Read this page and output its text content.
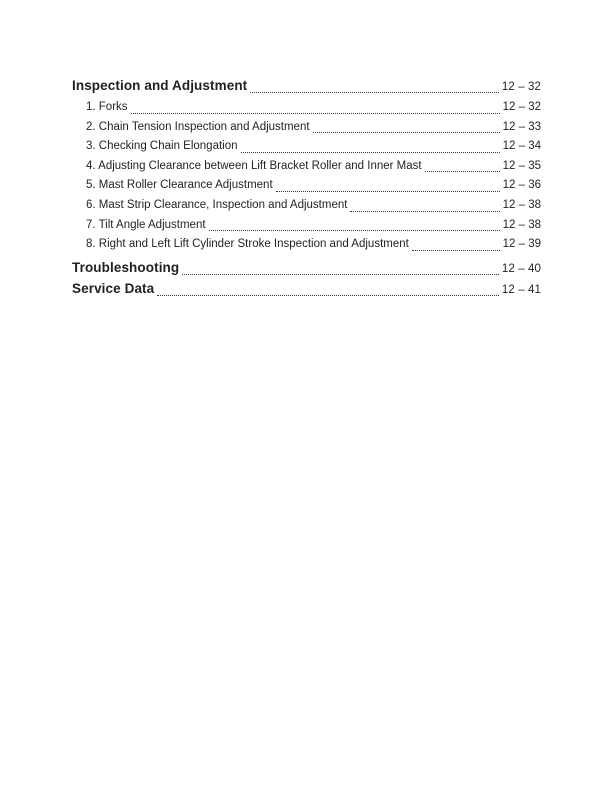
Inspection and Adjustment	12 – 32
1. Forks	12 – 32
2. Chain Tension Inspection and Adjustment	12 – 33
3. Checking Chain Elongation	12 – 34
4. Adjusting Clearance between Lift Bracket Roller and Inner Mast	12 – 35
5. Mast Roller Clearance Adjustment	12 – 36
6. Mast Strip Clearance, Inspection and Adjustment	12 – 38
7. Tilt Angle Adjustment	12 – 38
8. Right and Left Lift Cylinder Stroke Inspection and Adjustment	12 – 39
Troubleshooting	12 – 40
Service Data	12 – 41
